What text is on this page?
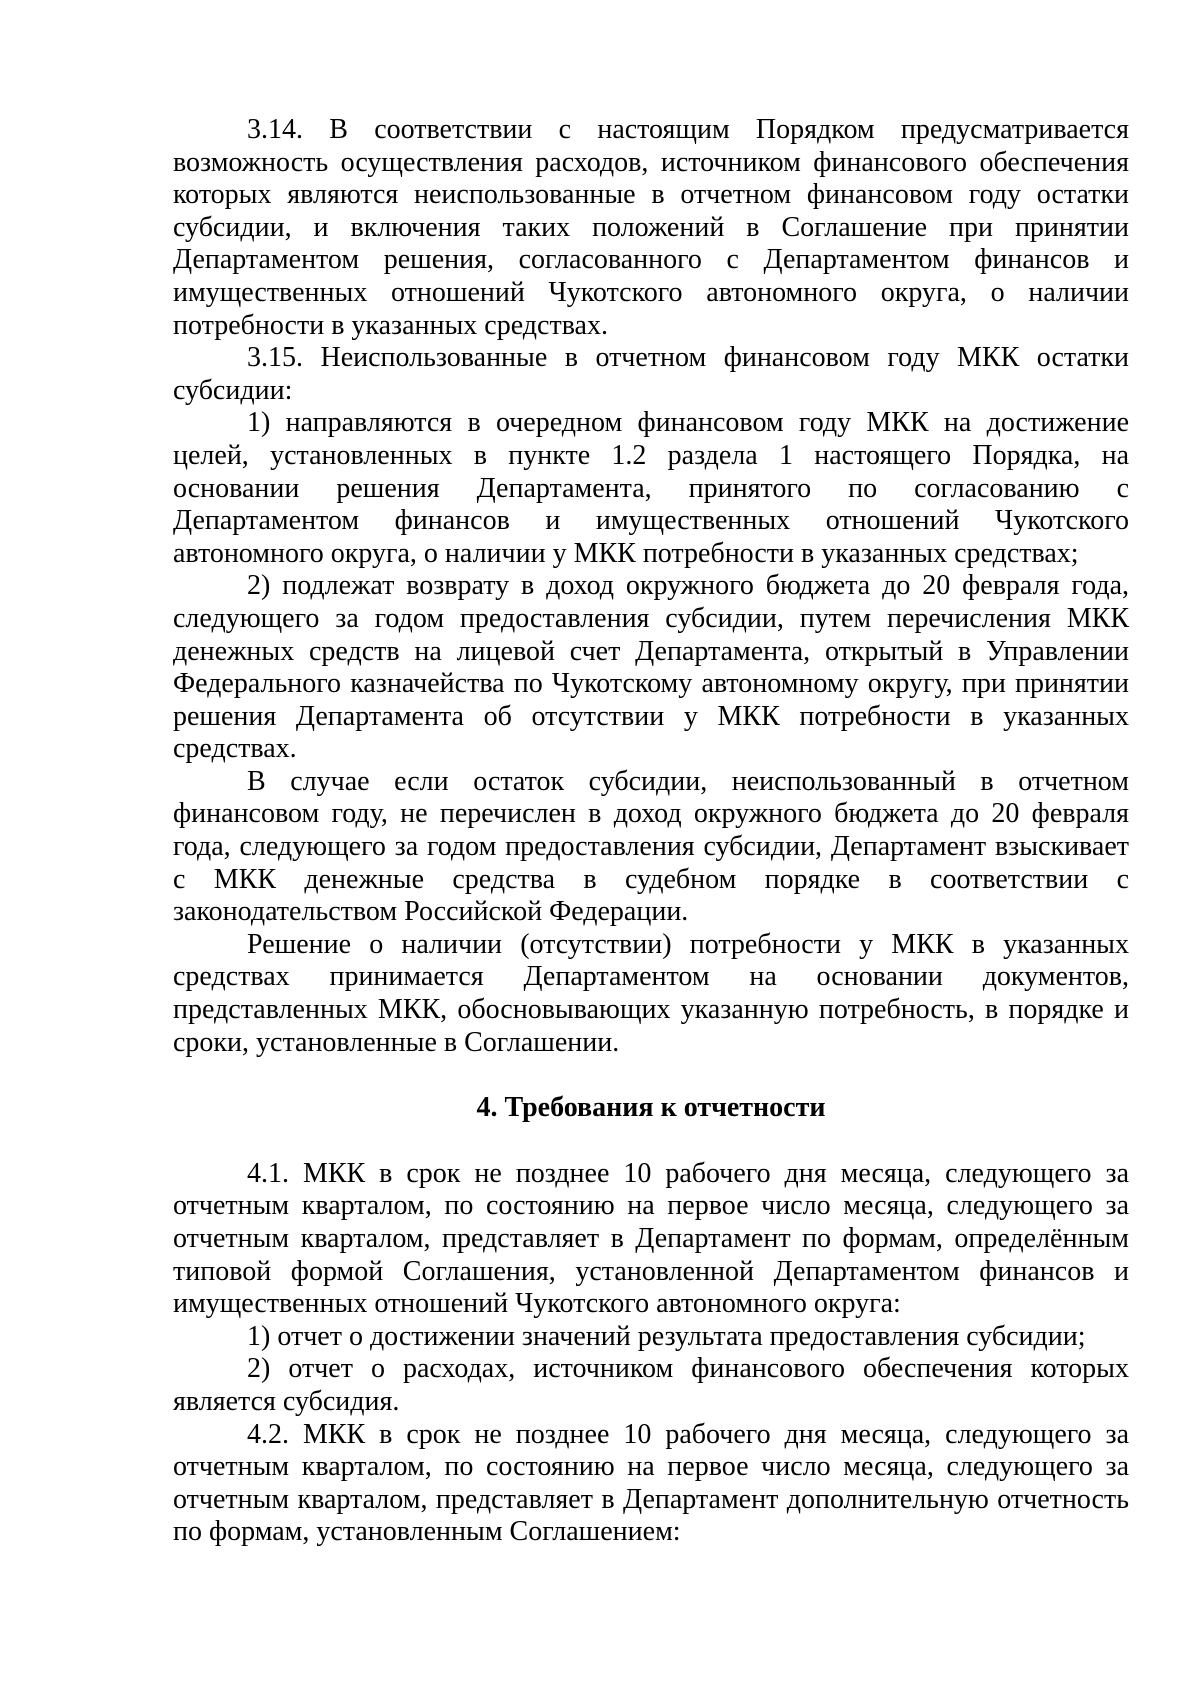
3.14. В соответствии с настоящим Порядком предусматривается возможность осуществления расходов, источником финансового обеспечения которых являются неиспользованные в отчетном финансовом году остатки субсидии, и включения таких положений в Соглашение при принятии Департаментом решения, согласованного с Департаментом финансов и имущественных отношений Чукотского автономного округа, о наличии потребности в указанных средствах.

3.15. Неиспользованные в отчетном финансовом году МКК остатки субсидии:

1) направляются в очередном финансовом году МКК на достижение целей, установленных в пункте 1.2 раздела 1 настоящего Порядка, на основании решения Департамента, принятого по согласованию с Департаментом финансов и имущественных отношений Чукотского автономного округа, о наличии у МКК потребности в указанных средствах;

2) подлежат возврату в доход окружного бюджета до 20 февраля года, следующего за годом предоставления субсидии, путем перечисления МКК денежных средств на лицевой счет Департамента, открытый в Управлении Федерального казначейства по Чукотскому автономному округу, при принятии решения Департамента об отсутствии у МКК потребности в указанных средствах.

В случае если остаток субсидии, неиспользованный в отчетном финансовом году, не перечислен в доход окружного бюджета до 20 февраля года, следующего за годом предоставления субсидии, Департамент взыскивает с МКК денежные средства в судебном порядке в соответствии с законодательством Российской Федерации.

Решение о наличии (отсутствии) потребности у МКК в указанных средствах принимается Департаментом на основании документов, представленных МКК, обосновывающих указанную потребность, в порядке и сроки, установленные в Соглашении.

4. Требования к отчетности

4.1. МКК в срок не позднее 10 рабочего дня месяца, следующего за отчетным кварталом, по состоянию на первое число месяца, следующего за отчетным кварталом, представляет в Департамент по формам, определённым типовой формой Соглашения, установленной Департаментом финансов и имущественных отношений Чукотского автономного округа:

1) отчет о достижении значений результата предоставления субсидии;

2) отчет о расходах, источником финансового обеспечения которых является субсидия.

4.2. МКК в срок не позднее 10 рабочего дня месяца, следующего за отчетным кварталом, по состоянию на первое число месяца, следующего за отчетным кварталом, представляет в Департамент дополнительную отчетность по формам, установленным Соглашением:
